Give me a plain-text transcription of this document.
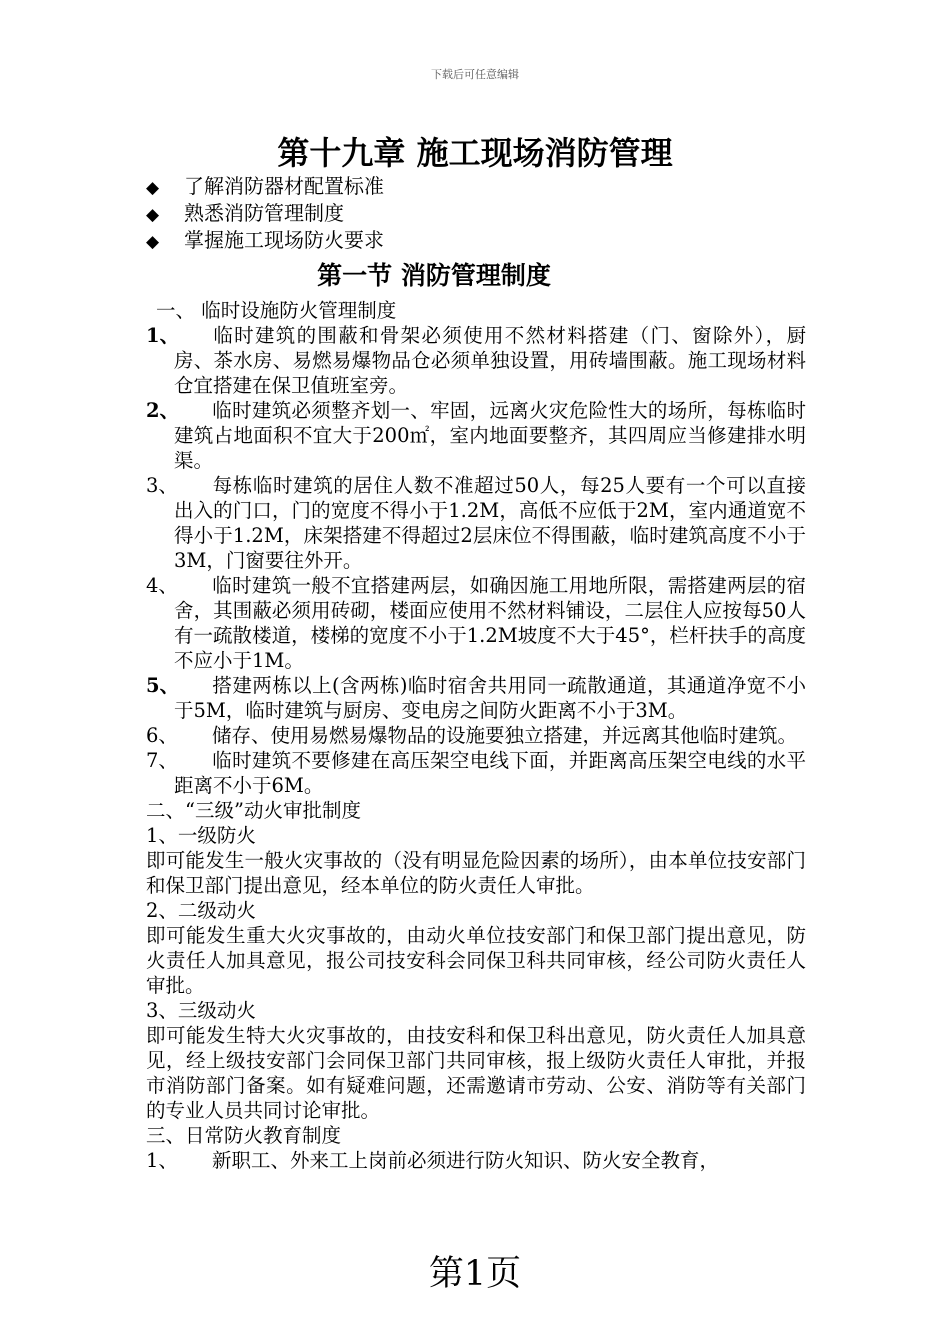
下载后可任意编辑
第十九章 施工现场消防管理
◆ 了解消防器材配置标准
◆ 熟悉消防管理制度
◆ 掌握施工现场防火要求
第一节 消防管理制度

一、 临时设施防火管理制度

1、 临时建筑的围蔽和骨架必须使用不然材料搭建（门、窗除外），厨房、茶水房、易燃易爆物品仓必须单独设置，用砖墙围蔽。施工现场材料仓宜搭建在保卫值班室旁。
2、 临时建筑必须整齐划一、牢固，远离火灾危险性大的场所，每栋临时建筑占地面积不宜大于200㎡，室内地面要整齐，其四周应当修建排水明渠。
3、 每栋临时建筑的居住人数不准超过50人，每25人要有一个可以直接出入的门口，门的宽度不得小于1.2M，高低不应低于2M，室内通道宽不得小于1.2M，床架搭建不得超过2层床位不得围蔽，临时建筑高度不小于3M，门窗要往外开。
4、 临时建筑一般不宜搭建两层，如确因施工用地所限，需搭建两层的宿舍，其围蔽必须用砖砌，楼面应使用不然材料铺设，二层住人应按每50人有一疏散楼道，楼梯的宽度不小于1.2M坡度不大于45°，栏杆扶手的高度不应小于1M。
5、 搭建两栋以上(含两栋)临时宿舍共用同一疏散通道，其通道净宽不小于5M，临时建筑与厨房、变电房之间防火距离不小于3M。
6、 储存、使用易燃易爆物品的设施要独立搭建，并远离其他临时建筑。
7、 临时建筑不要修建在高压架空电线下面，并距离高压架空电线的水平距离不小于6M。

二、“三级”动火审批制度

1、一级防火

即可能发生一般火灾事故的（没有明显危险因素的场所），由本单位技安部门和保卫部门提出意见，经本单位的防火责任人审批。

2、二级动火

即可能发生重大火灾事故的，由动火单位技安部门和保卫部门提出意见，防火责任人加具意见，报公司技安科会同保卫科共同审核，经公司防火责任人审批。

3、三级动火

即可能发生特大火灾事故的，由技安科和保卫科出意见，防火责任人加具意见，经上级技安部门会同保卫部门共同审核，报上级防火责任人审批，并报市消防部门备案。如有疑难问题，还需邀请市劳动、公安、消防等有关部门的专业人员共同讨论审批。

三、日常防火教育制度

1、 新职工、外来工上岗前必须进行防火知识、防火安全教育，
第1页
